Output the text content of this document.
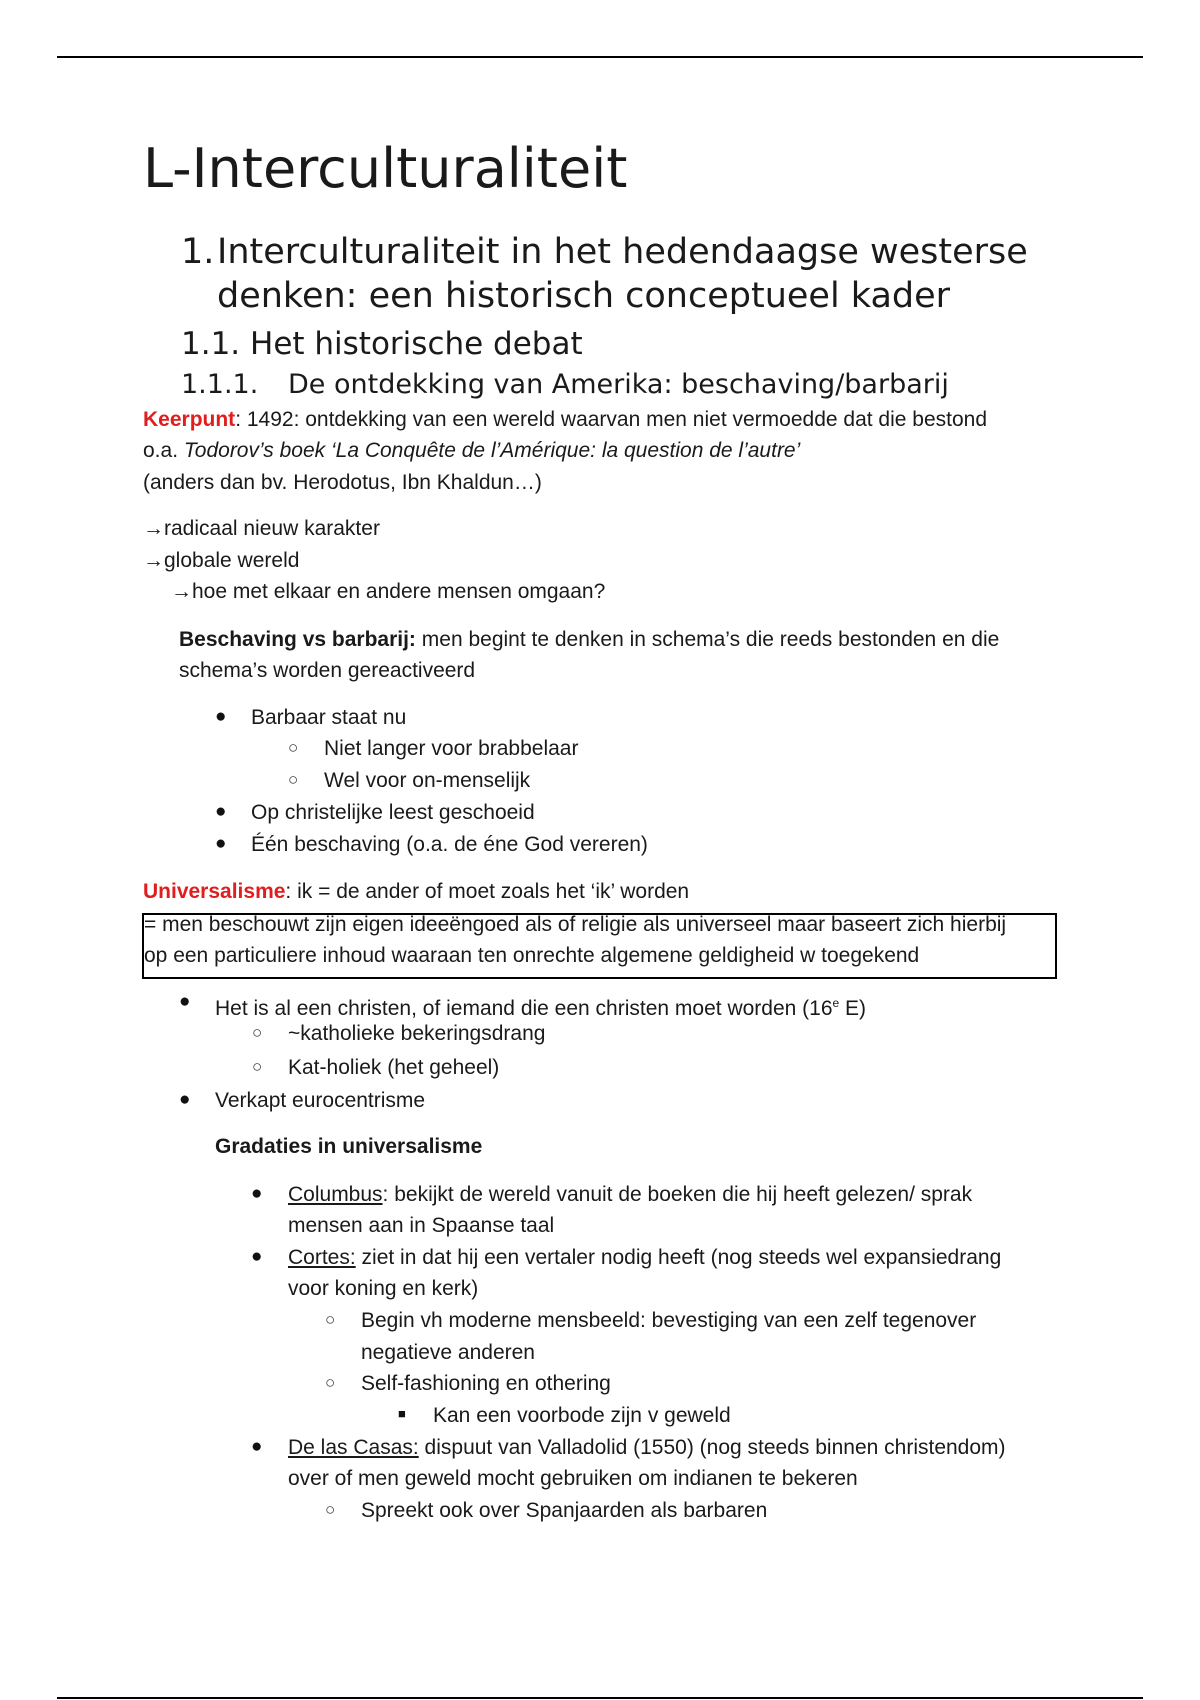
L-Interculturaliteit
1. Interculturaliteit in het hedendaagse westerse
denken: een historisch conceptueel kader
1.1. Het historische debat
1.1.1. De ontdekking van Amerika: beschaving/barbarij
Keerpunt: 1492: ontdekking van een wereld waarvan men niet vermoedde dat die bestond
o.a. Todorov’s boek ‘La Conquête de l’Amérique: la question de l’autre’
(anders dan bv. Herodotus, Ibn Khaldun…)
→radicaal nieuw karakter
→globale wereld
→hoe met elkaar en andere mensen omgaan?
Beschaving vs barbarij: men begint te denken in schema’s die reeds bestonden en die
schema’s worden gereactiveerd
● Barbaar staat nu
○ Niet langer voor brabbelaar
○ Wel voor on-menselijk
● Op christelijke leest geschoeid
● Één beschaving (o.a. de éne God vereren)
Universalisme: ik = de ander of moet zoals het ‘ik’ worden
= men beschouwt zijn eigen ideeëngoed als of religie als universeel maar baseert zich hierbij
op een particuliere inhoud waaraan ten onrechte algemene geldigheid w toegekend
● Het is al een christen, of iemand die een christen moet worden (16e E)
○ ~katholieke bekeringsdrang
○ Kat-holiek (het geheel)
● Verkapt eurocentrisme
Gradaties in universalisme
● Columbus: bekijkt de wereld vanuit de boeken die hij heeft gelezen/ sprak
mensen aan in Spaanse taal
● Cortes: ziet in dat hij een vertaler nodig heeft (nog steeds wel expansiedrang
voor koning en kerk)
○ Begin vh moderne mensbeeld: bevestiging van een zelf tegenover
negatieve anderen
○ Self-fashioning en othering
■ Kan een voorbode zijn v geweld
● De las Casas: dispuut van Valladolid (1550) (nog steeds binnen christendom)
over of men geweld mocht gebruiken om indianen te bekeren
○ Spreekt ook over Spanjaarden als barbaren
